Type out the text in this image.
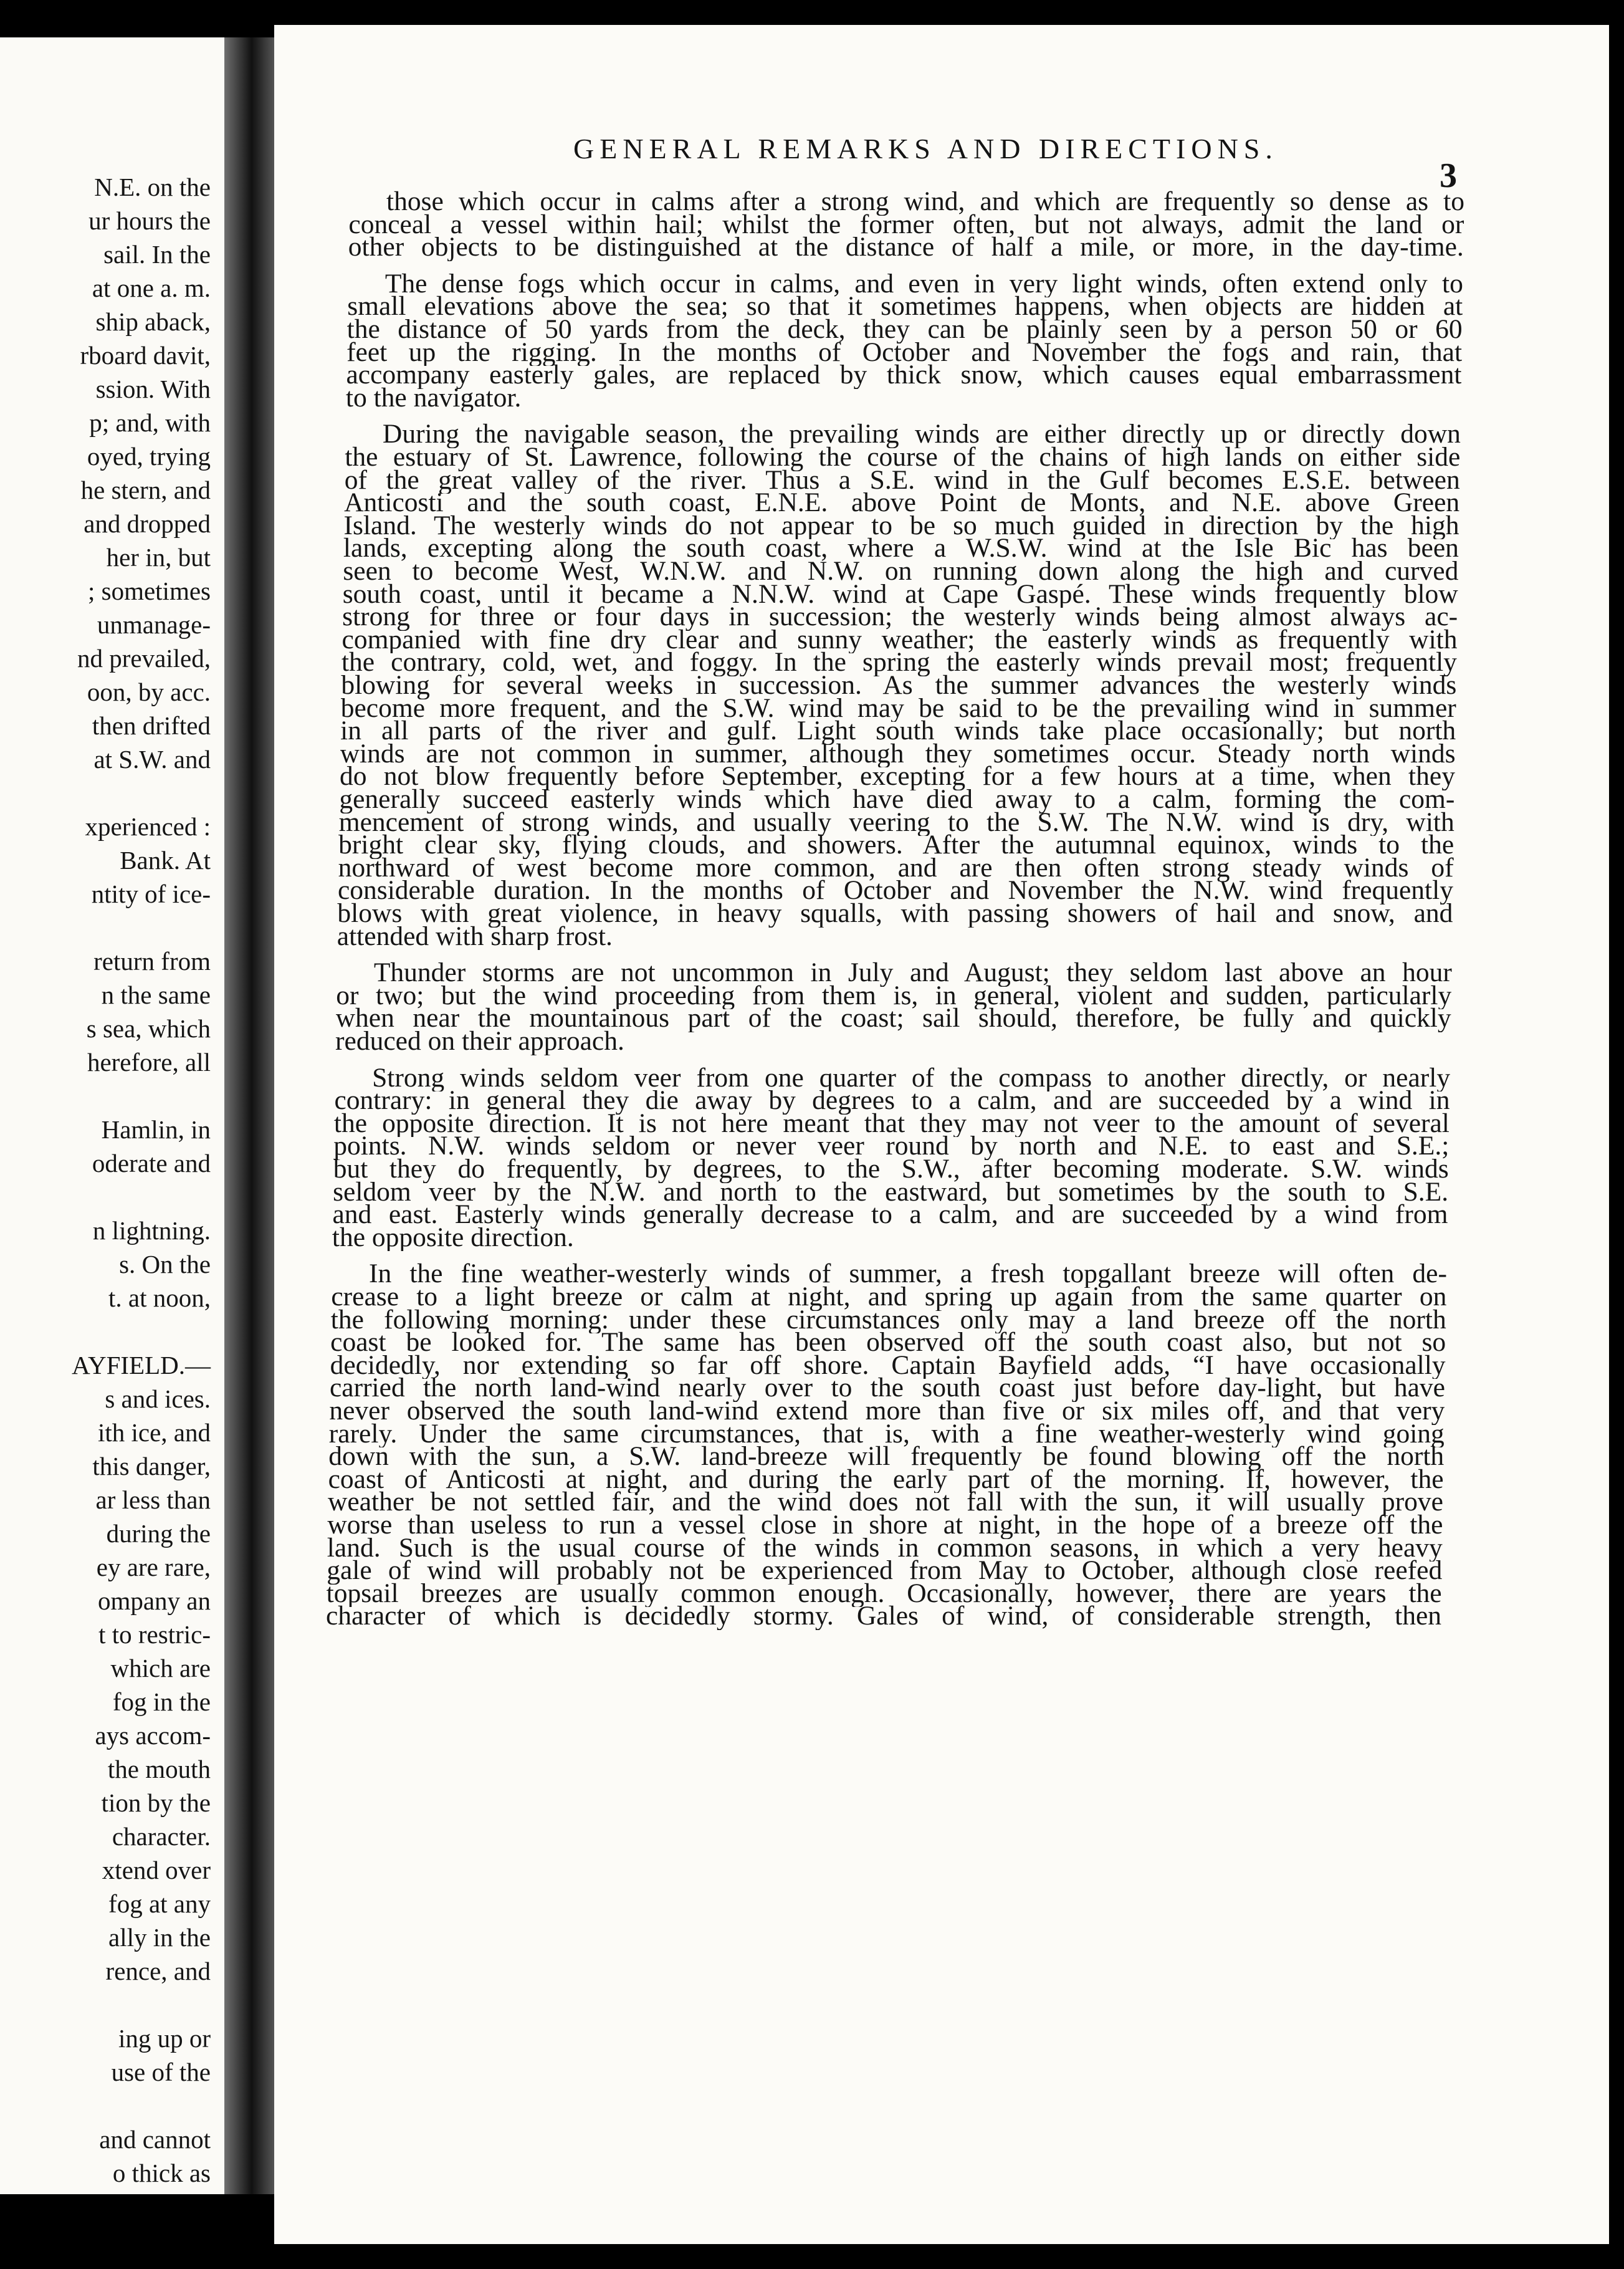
N.E. on the
ur hours the
sail. In the
at one a. m.
ship aback,
rboard davit,
ssion. With
p; and, with
oyed, trying
he stern, and
and dropped
her in, but
; sometimes
unmanage-
nd prevailed,
oon, by acc.
then drifted
at S.W. and
xperienced :
Bank. At
ntity of ice-
return from
n the same
s sea, which
herefore, all
Hamlin, in
oderate and
n lightning.
s. On the
t. at noon,
AYFIELD.—
s and ices.
ith ice, and
this danger,
ar less than
during the
ey are rare,
ompany an
t to restric-
which are
fog in the
ays accom-
the mouth
tion by the
character.
xtend over
fog at any
ally in the
rence, and
ing up or
use of the
and cannot
o thick as
GENERAL REMARKS AND DIRECTIONS.
3
those which occur in calms after a strong wind, and which are frequently so dense as to
conceal a vessel within hail; whilst the former often, but not always, admit the land or
other objects to be distinguished at the distance of half a mile, or more, in the day-time.
The dense fogs which occur in calms, and even in very light winds, often extend only to
small elevations above the sea; so that it sometimes happens, when objects are hidden at
the distance of 50 yards from the deck, they can be plainly seen by a person 50 or 60
feet up the rigging. In the months of October and November the fogs and rain, that
accompany easterly gales, are replaced by thick snow, which causes equal embarrassment
to the navigator.
During the navigable season, the prevailing winds are either directly up or directly down
the estuary of St. Lawrence, following the course of the chains of high lands on either side
of the great valley of the river. Thus a S.E. wind in the Gulf becomes E.S.E. between
Anticosti and the south coast, E.N.E. above Point de Monts, and N.E. above Green
Island. The westerly winds do not appear to be so much guided in direction by the high
lands, excepting along the south coast, where a W.S.W. wind at the Isle Bic has been
seen to become West, W.N.W. and N.W. on running down along the high and curved
south coast, until it became a N.N.W. wind at Cape Gaspé. These winds frequently blow
strong for three or four days in succession; the westerly winds being almost always ac-
companied with fine dry clear and sunny weather; the easterly winds as frequently with
the contrary, cold, wet, and foggy. In the spring the easterly winds prevail most; frequently
blowing for several weeks in succession. As the summer advances the westerly winds
become more frequent, and the S.W. wind may be said to be the prevailing wind in summer
in all parts of the river and gulf. Light south winds take place occasionally; but north
winds are not common in summer, although they sometimes occur. Steady north winds
do not blow frequently before September, excepting for a few hours at a time, when they
generally succeed easterly winds which have died away to a calm, forming the com-
mencement of strong winds, and usually veering to the S.W. The N.W. wind is dry, with
bright clear sky, flying clouds, and showers. After the autumnal equinox, winds to the
northward of west become more common, and are then often strong steady winds of
considerable duration. In the months of October and November the N.W. wind frequently
blows with great violence, in heavy squalls, with passing showers of hail and snow, and
attended with sharp frost.
Thunder storms are not uncommon in July and August; they seldom last above an hour
or two; but the wind proceeding from them is, in general, violent and sudden, particularly
when near the mountainous part of the coast; sail should, therefore, be fully and quickly
reduced on their approach.
Strong winds seldom veer from one quarter of the compass to another directly, or nearly
contrary: in general they die away by degrees to a calm, and are succeeded by a wind in
the opposite direction. It is not here meant that they may not veer to the amount of several
points. N.W. winds seldom or never veer round by north and N.E. to east and S.E.;
but they do frequently, by degrees, to the S.W., after becoming moderate. S.W. winds
seldom veer by the N.W. and north to the eastward, but sometimes by the south to S.E.
and east. Easterly winds generally decrease to a calm, and are succeeded by a wind from
the opposite direction.
In the fine weather-westerly winds of summer, a fresh topgallant breeze will often de-
crease to a light breeze or calm at night, and spring up again from the same quarter on
the following morning: under these circumstances only may a land breeze off the north
coast be looked for. The same has been observed off the south coast also, but not so
decidedly, nor extending so far off shore. Captain Bayfield adds, “I have occasionally
carried the north land-wind nearly over to the south coast just before day-light, but have
never observed the south land-wind extend more than five or six miles off, and that very
rarely. Under the same circumstances, that is, with a fine weather-westerly wind going
down with the sun, a S.W. land-breeze will frequently be found blowing off the north
coast of Anticosti at night, and during the early part of the morning. If, however, the
weather be not settled fair, and the wind does not fall with the sun, it will usually prove
worse than useless to run a vessel close in shore at night, in the hope of a breeze off the
land. Such is the usual course of the winds in common seasons, in which a very heavy
gale of wind will probably not be experienced from May to October, although close reefed
topsail breezes are usually common enough. Occasionally, however, there are years the
character of which is decidedly stormy. Gales of wind, of considerable strength, then
